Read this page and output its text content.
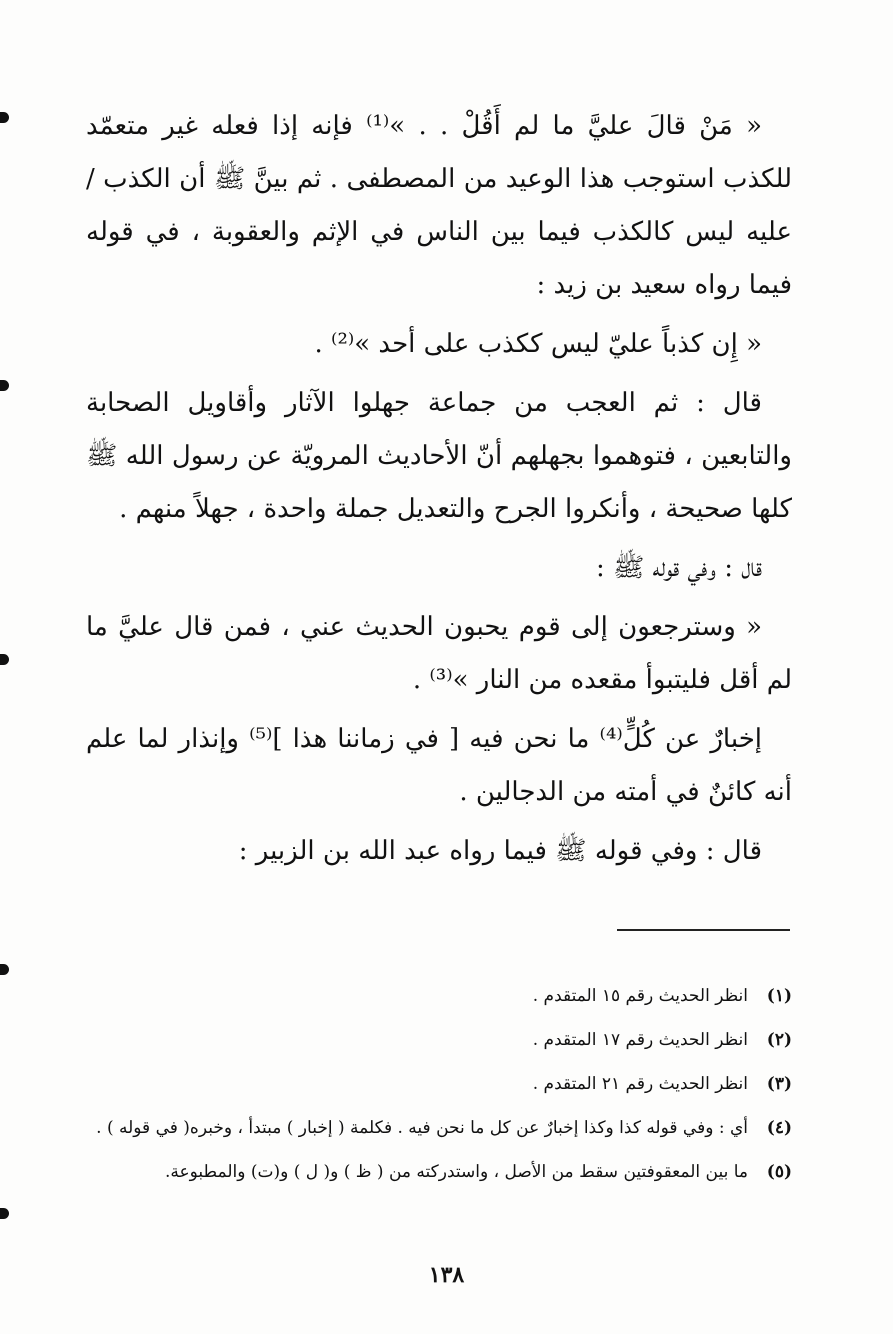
« مَنْ قالَ عليَّ ما لم أَقُلْ . . »⁽¹⁾ فإنه إذا فعله غير متعمّد للكذب استوجب هذا الوعيد من المصطفى . ثم بينَّ ﷺ أن الكذب / عليه ليس كالكذب فيما بين الناس في الإثم والعقوبة ، في قوله فيما رواه سعيد بن زيد :

« إِن كذباً عليّ ليس ككذب على أحد »⁽²⁾ .

قال : ثم العجب من جماعة جهلوا الآثار وأقاويل الصحابة والتابعين ، فتوهموا بجهلهم أنّ الأحاديث المرويّة عن رسول الله ﷺ كلها صحيحة ، وأنكروا الجرح والتعديل جملة واحدة ، جهلاً منهم .

قال : وفي قوله ﷺ :

« وسترجعون إلى قوم يحبون الحديث عني ، فمن قال عليَّ ما لم أقل فليتبوأ مقعده من النار »⁽³⁾ .

إخبارٌ عن كُلٍّ⁽⁴⁾ ما نحن فيه [ في زماننا هذا ]⁽⁵⁾ وإنذار لما علم أنه كائنٌ في أمته من الدجالين .

قال : وفي قوله ﷺ فيما رواه عبد الله بن الزبير :

(١)
انظر الحديث رقم ١٥ المتقدم .
(٢)
انظر الحديث رقم ١٧ المتقدم .
(٣)
انظر الحديث رقم ٢١ المتقدم .
(٤)
أي : وفي قوله كذا وكذا إخبارٌ عن كل ما نحن فيه . فكلمة ( إخبار ) مبتدأ ، وخبره( في قوله ) .
(٥)
ما بين المعقوفتين سقط من الأصل ، واستدركته من ( ظ ) و( ل ) و(ت) والمطبوعة.
١٣٨
